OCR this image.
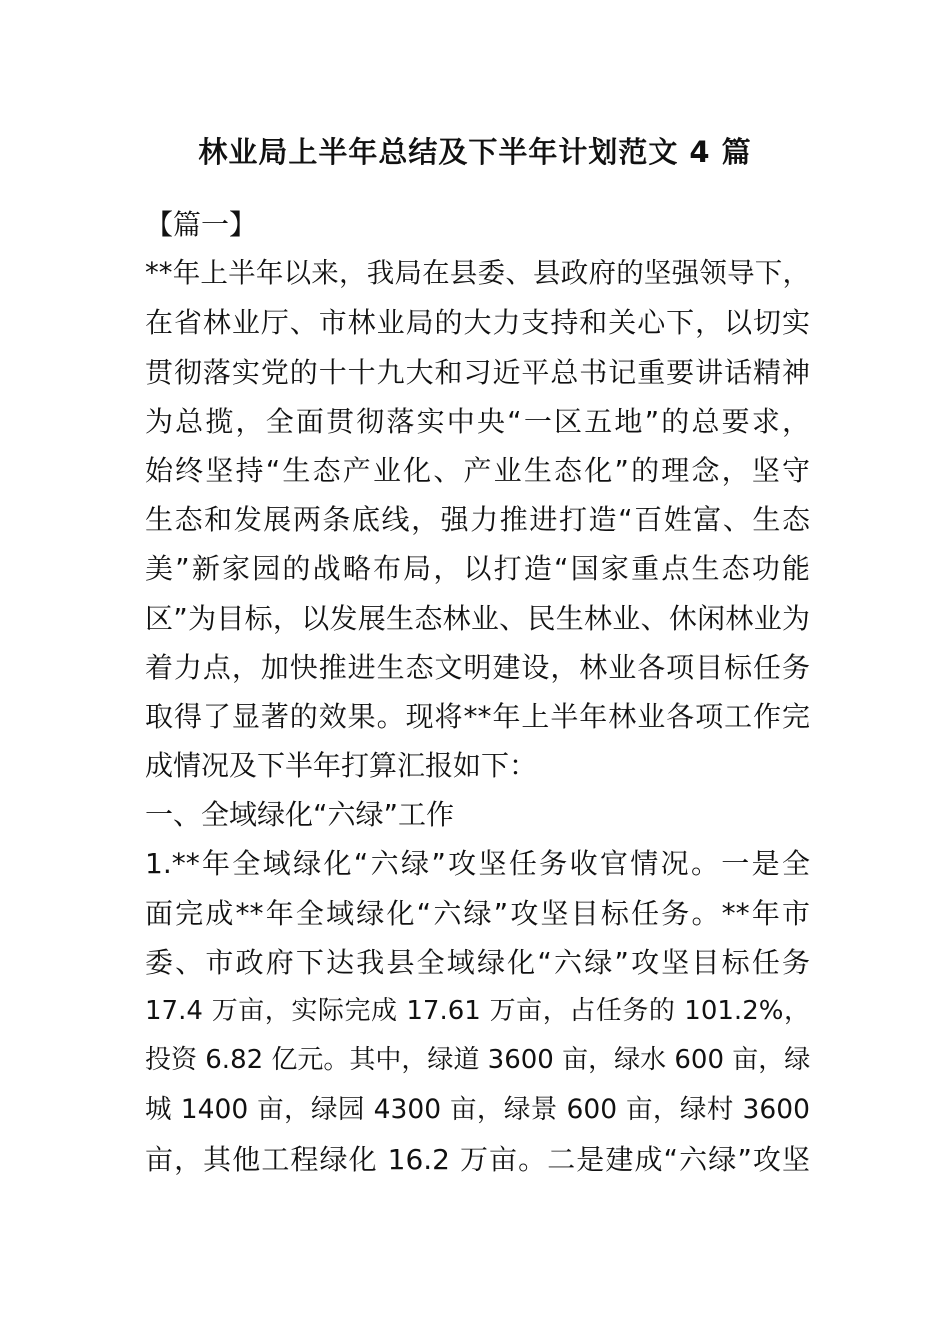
林业局上半年总结及下半年计划范文 4 篇
【篇一】
**年上半年以来，我局在县委、县政府的坚强领导下，
在省林业厅、市林业局的大力支持和关心下，以切实
贯彻落实党的十十九大和习近平总书记重要讲话精神
为总揽，全面贯彻落实中央“一区五地”的总要求，
始终坚持“生态产业化、产业生态化”的理念，坚守
生态和发展两条底线，强力推进打造“百姓富、生态
美”新家园的战略布局，以打造“国家重点生态功能
区”为目标，以发展生态林业、民生林业、休闲林业为
着力点，加快推进生态文明建设，林业各项目标任务
取得了显著的效果。现将**年上半年林业各项工作完
成情况及下半年打算汇报如下：
一、全域绿化“六绿”工作
1.**年全域绿化“六绿”攻坚任务收官情况。一是全
面完成**年全域绿化“六绿”攻坚目标任务。**年市
委、市政府下达我县全域绿化“六绿”攻坚目标任务
17.4 万亩，实际完成 17.61 万亩，占任务的 101.2%，
投资 6.82 亿元。其中，绿道 3600 亩，绿水 600 亩，绿
城 1400 亩，绿园 4300 亩，绿景 600 亩，绿村 3600
亩，其他工程绿化 16.2 万亩。二是建成“六绿”攻坚
